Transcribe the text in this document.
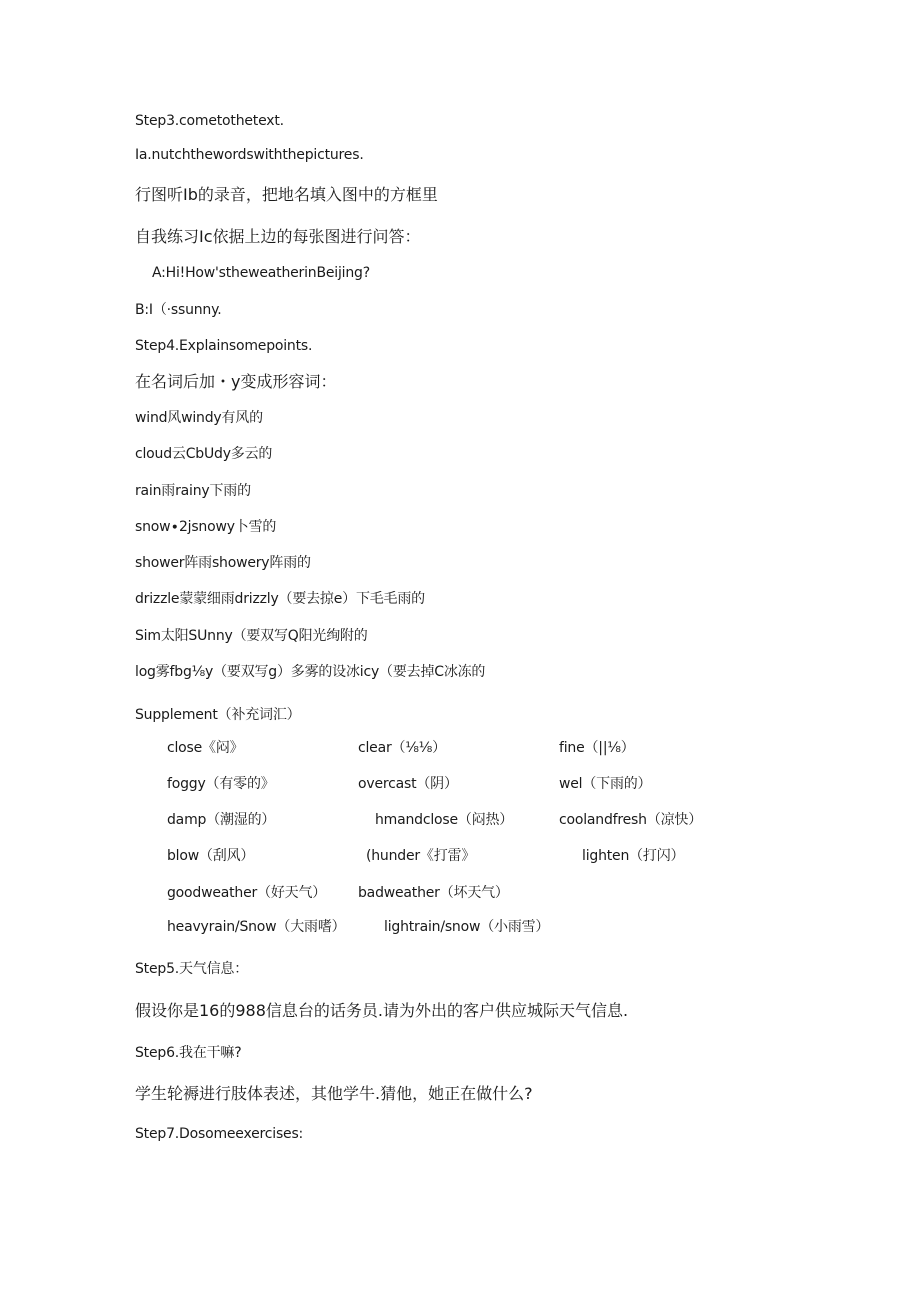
Step3.cometothetext.
Ia.nutchthewordswiththepictures.
行图听Ib的录音，把地名填入图中的方框里
自我练习Ic依据上边的每张图进行问答：
A:Hi!How'stheweatherinBeijing?
B:I（·ssunny.
Step4.Explainsomepoints.
在名词后加・y变成形容词：
wind风windy有风的
cloud云CbUdy多云的
rain雨rainy下雨的
snow∙2jsnowy卜雪的
shower阵雨showery阵雨的
drizzle蒙蒙细雨drizzly（要去掠e）下毛毛雨的
Sim太阳SUnny（要双写Q阳光绚附的
log雾fbg⅛y（要双写g）多雾的设冰icy（要去掉C冰冻的
Supplement（补充词汇）
close《闷》	clear（⅛⅛）	fine（||⅛）
foggy（有零的》	overcast（阴）	wel（下雨的）
damp（潮湿的）	hmandclose（闷热）	coolandfresh（凉快）
blow（刮风）	(hunder《打雷》	lighten（打闪）
goodweather（好天气） badweather（坏天气）
heavyrain/Snow（大雨嗜）	lightrain/snow（小雨雪）
Step5.天气信息：
假设你是16的988信息台的话务员.请为外出的客户供应城际天气信息.
Step6.我在干嘛?
学生轮褥进行肢体表述，其他学牛.猜他，她正在做什么?
Step7.Dosomeexercises:
